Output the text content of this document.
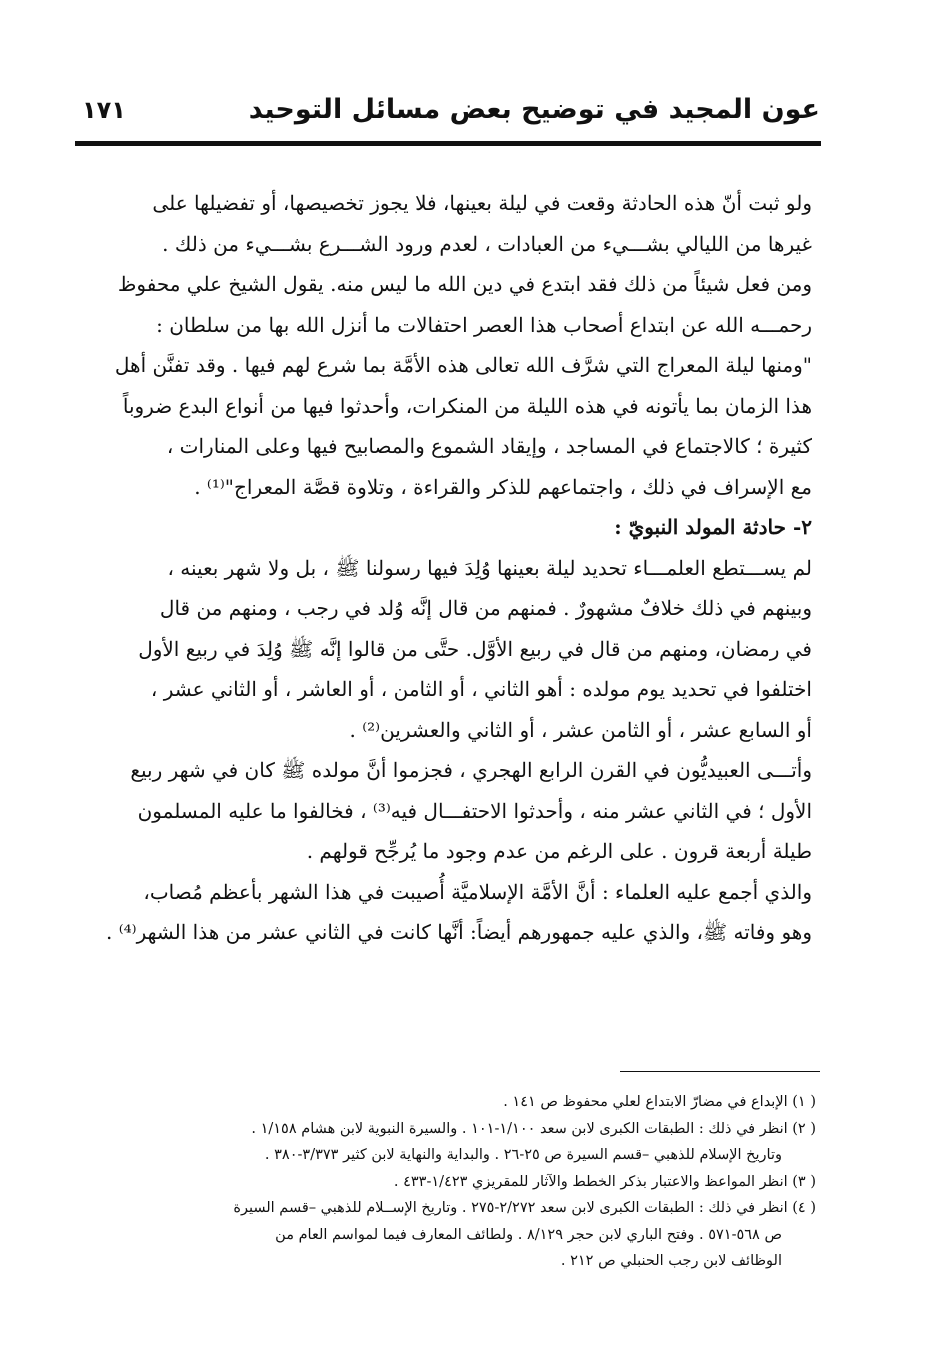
عون المجيد في توضيح بعض مسائل التوحيد
١٧١
ولو ثبت أنّ هذه الحادثة وقعت في ليلة بعينها، فلا يجوز تخصيصها، أو تفضيلها على
غيرها من الليالي بشـــيء من العبادات ، لعدم ورود الشـــرع بشـــيء من ذلك .
ومن فعل شيئاً من ذلك فقد ابتدع في دين الله ما ليس منه. يقول الشيخ علي محفوظ
رحمـــه الله عن ابتداع أصحاب هذا العصر احتفالات ما أنزل الله بها من سلطان :
"ومنها ليلة المعراج التي شرَّف الله تعالى هذه الأمَّة بما شرع لهم فيها . وقد تفنَّن أهل
هذا الزمان بما يأتونه في هذه الليلة من المنكرات، وأحدثوا فيها من أنواع البدع ضروباً
كثيرة ؛ كالاجتماع في المساجد ، وإيقاد الشموع والمصابيح فيها وعلى المنارات ،
مع الإسراف في ذلك ، واجتماعهم للذكر والقراءة ، وتلاوة قصَّة المعراج"⁽¹⁾ .
٢- حادثة المولد النبويّ :
لم يســـتطع العلمـــاء تحديد ليلة بعينها وُلِدَ فيها رسولنا ﷺ ، بل ولا شهر بعينه ،
وبينهم في ذلك خلافٌ مشهورٌ . فمنهم من قال إنَّه وُلد في رجب ، ومنهم من قال
في رمضان، ومنهم من قال في ربيع الأوَّل. حتَّى من قالوا إنَّه ﷺ وُلِدَ في ربيع الأول
اختلفوا في تحديد يوم مولده : أهو الثاني ، أو الثامن ، أو العاشر ، أو الثاني عشر ،
أو السابع عشر ، أو الثامن عشر ، أو الثاني والعشرين⁽²⁾ .
وأتـــى العبيديُّون في القرن الرابع الهجري ، فجزموا أنَّ مولده ﷺ كان في شهر ربيع
الأول ؛ في الثاني عشر منه ، وأحدثوا الاحتفـــال فيه⁽³⁾ ، فخالفوا ما عليه المسلمون
طيلة أربعة قرون . على الرغم من عدم وجود ما يُرجِّح قولهم .
والذي أجمع عليه العلماء : أنَّ الأمَّة الإسلاميَّة أُصيبت في هذا الشهر بأعظم مُصاب،
وهو وفاته ﷺ، والذي عليه جمهورهم أيضاً: أنَّها كانت في الثاني عشر من هذا الشهر⁽⁴⁾ .
( ١) الإبداع في مضارّ الابتداع لعلي محفوظ ص ١٤١ .
( ٢) انظر في ذلك : الطبقات الكبرى لابن سعد ١/١٠٠-١٠١ . والسيرة النبوية لابن هشام ١/١٥٨ .
وتاريخ الإسلام للذهبي –قسم السيرة ص ٢٥-٢٦ . والبداية والنهاية لابن كثير ٣/٣٧٣-٣٨٠ .
( ٣) انظر المواعظ والاعتبار بذكر الخطط والآثار للمقريزي ١/٤٢٣-٤٣٣ .
( ٤) انظر في ذلك : الطبقات الكبرى لابن سعد ٢/٢٧٢-٢٧٥ . وتاريخ الإســلام للذهبي –قسم السيرة
ص ٥٦٨-٥٧١ . وفتح الباري لابن حجر ٨/١٢٩ . ولطائف المعارف فيما لمواسم العام من
الوظائف لابن رجب الحنبلي ص ٢١٢ .
